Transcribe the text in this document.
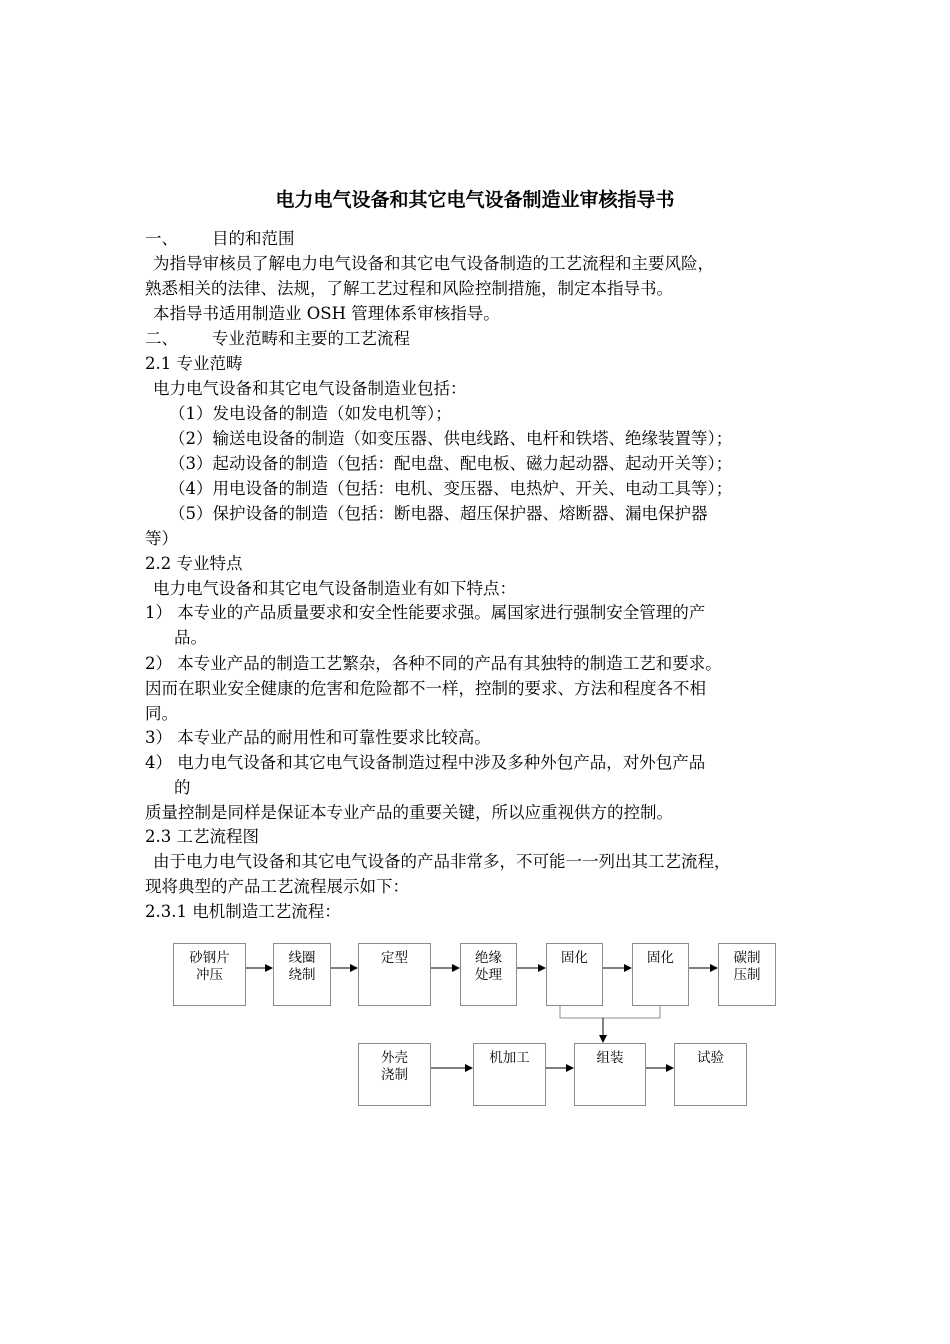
电力电气设备和其它电气设备制造业审核指导书
一、 目的和范围
为指导审核员了解电力电气设备和其它电气设备制造的工艺流程和主要风险，
熟悉相关的法律、法规，了解工艺过程和风险控制措施，制定本指导书。
本指导书适用制造业 OSH 管理体系审核指导。
二、 专业范畴和主要的工艺流程
2.1 专业范畴
电力电气设备和其它电气设备制造业包括：
（1）发电设备的制造（如发电机等）；
（2）输送电设备的制造（如变压器、供电线路、电杆和铁塔、绝缘装置等）；
（3）起动设备的制造（包括：配电盘、配电板、磁力起动器、起动开关等）；
（4）用电设备的制造（包括：电机、变压器、电热炉、开关、电动工具等）；
（5）保护设备的制造（包括：断电器、超压保护器、熔断器、漏电保护器
等）
2.2 专业特点
电力电气设备和其它电气设备制造业有如下特点：
1） 本专业的产品质量要求和安全性能要求强。属国家进行强制安全管理的产
品。
2） 本专业产品的制造工艺繁杂，各种不同的产品有其独特的制造工艺和要求。
因而在职业安全健康的危害和危险都不一样，控制的要求、方法和程度各不相
同。
3） 本专业产品的耐用性和可靠性要求比较高。
4） 电力电气设备和其它电气设备制造过程中涉及多种外包产品，对外包产品
的
质量控制是同样是保证本专业产品的重要关键，所以应重视供方的控制。
2.3 工艺流程图
由于电力电气设备和其它电气设备的产品非常多，不可能一一列出其工艺流程，
现将典型的产品工艺流程展示如下：
2.3.1 电机制造工艺流程：
砂钢片
冲压
线圈
绕制
定型	绝缘
处理
固化	固化	碳制
压制
外壳
浇制
机加工	组装	试验
